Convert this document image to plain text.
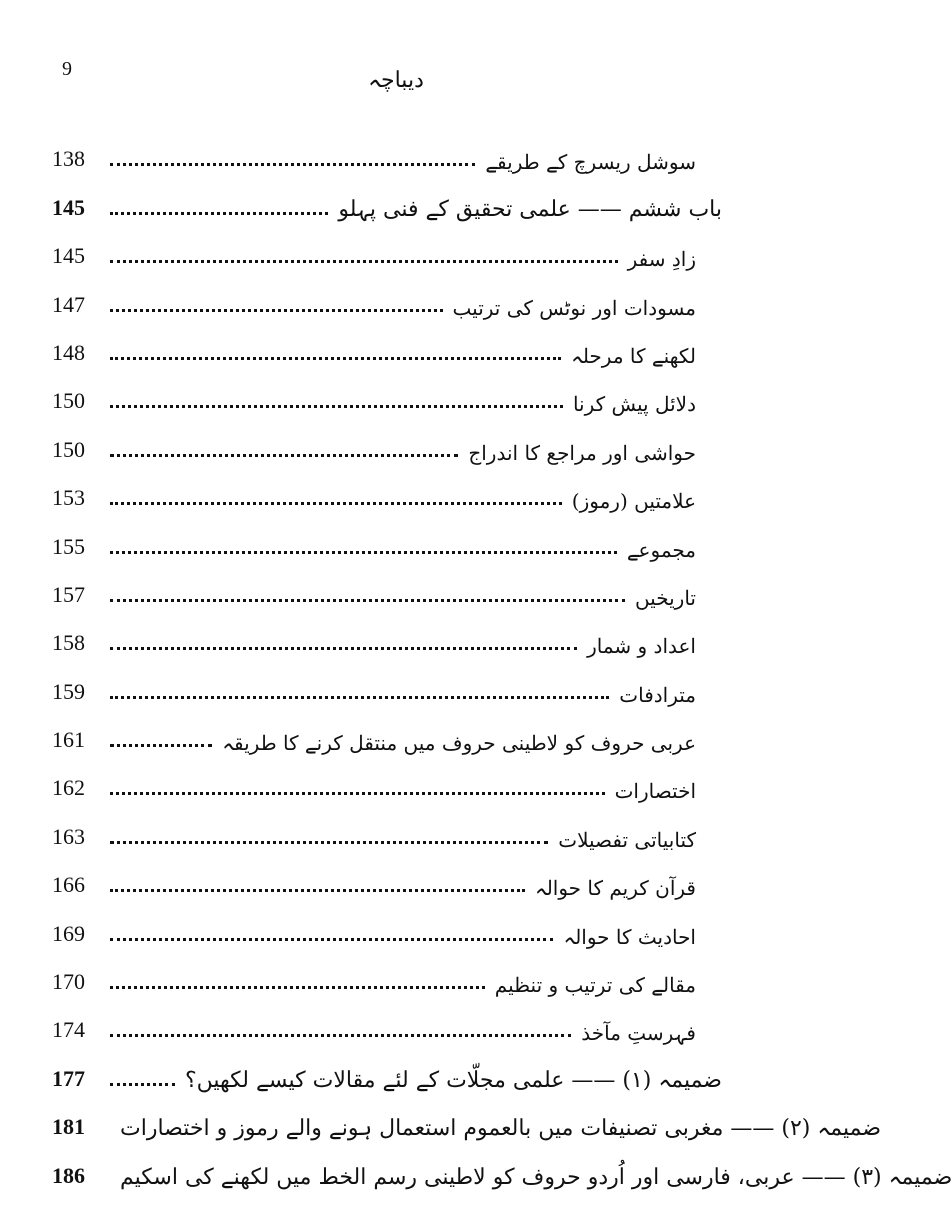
9	دیباچہ
138	سوشل ریسرچ کے طریقے
145	باب ششم —— علمی تحقیق کے فنی پہلو
145	زادِ سفر
147	مسودات اور نوٹس کی ترتیب
148	لکھنے کا مرحلہ
150	دلائل پیش کرنا
150	حواشی اور مراجع کا اندراج
153	علامتیں (رموز)
155	مجموعے
157	تاریخیں
158	اعداد و شمار
159	مترادفات
161	عربی حروف کو لاطینی حروف میں منتقل کرنے کا طریقہ
162	اختصارات
163	کتابیاتی تفصیلات
166	قرآن کریم کا حوالہ
169	احادیث کا حوالہ
170	مقالے کی ترتیب و تنظیم
174	فہرستِ مآخذ
177	ضمیمہ (۱) —— علمی مجلّات کے لئے مقالات کیسے لکھیں؟
181	ضمیمہ (۲) —— مغربی تصنیفات میں بالعموم استعمال ہونے والے رموز و اختصارات
186	ضمیمہ (۳) —— عربی، فارسی اور اُردو حروف کو لاطینی رسم الخط میں لکھنے کی اسکیم
